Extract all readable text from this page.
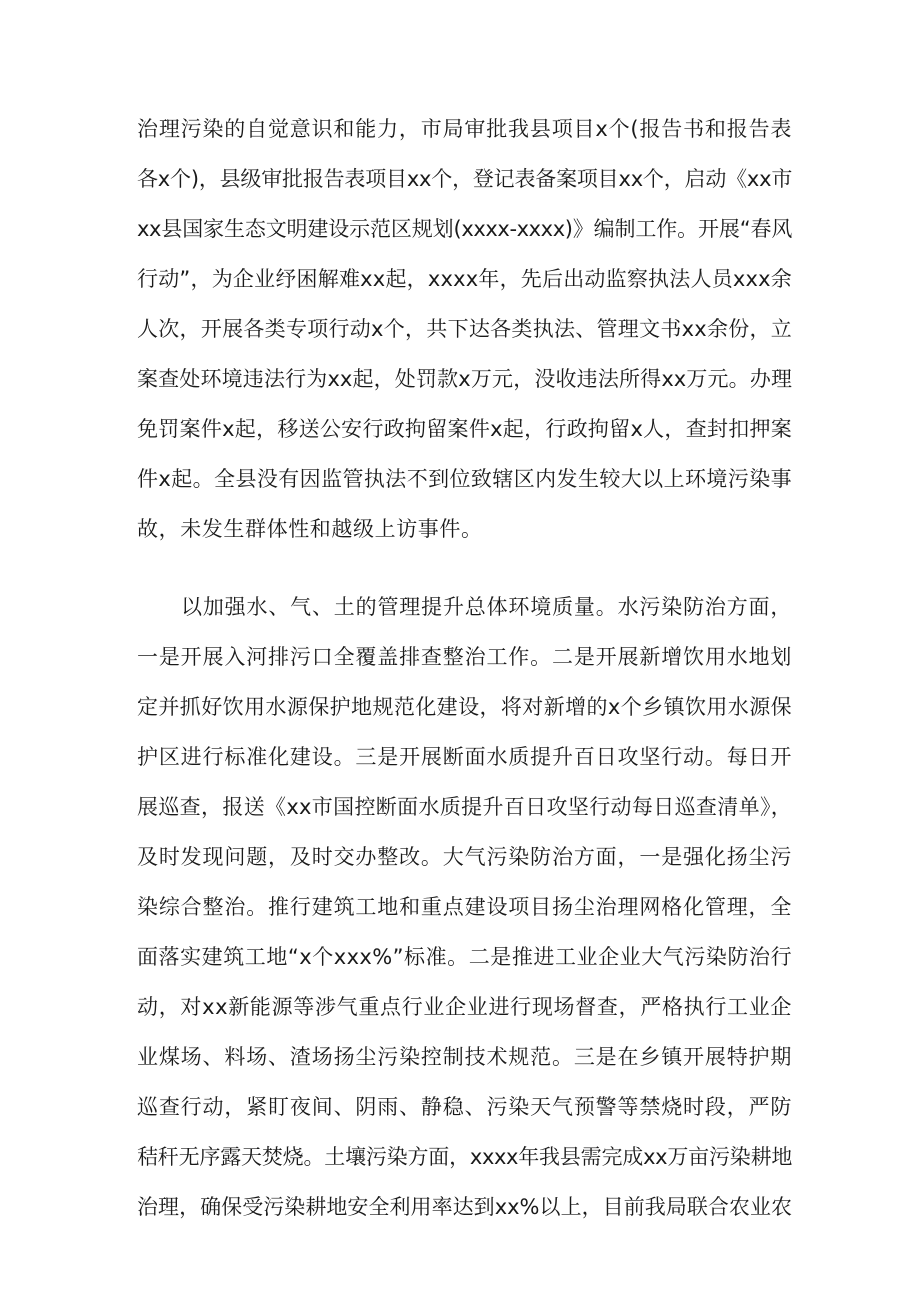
治理污染的自觉意识和能力，市局审批我县项目x个(报告书和报告表
各x个)，县级审批报告表项目xx个，登记表备案项目xx个，启动《xx市
xx县国家生态文明建设示范区规划(xxxx-xxxx)》编制工作。开展“春风
行动”，为企业纾困解难xx起，xxxx年，先后出动监察执法人员xxx余
人次，开展各类专项行动x个，共下达各类执法、管理文书xx余份，立
案查处环境违法行为xx起，处罚款x万元，没收违法所得xx万元。办理
免罚案件x起，移送公安行政拘留案件x起，行政拘留x人，查封扣押案
件x起。全县没有因监管执法不到位致辖区内发生较大以上环境污染事
故，未发生群体性和越级上访事件。
以加强水、气、土的管理提升总体环境质量。水污染防治方面，
一是开展入河排污口全覆盖排查整治工作。二是开展新增饮用水地划
定并抓好饮用水源保护地规范化建设，将对新增的x个乡镇饮用水源保
护区进行标准化建设。三是开展断面水质提升百日攻坚行动。每日开
展巡查，报送《xx市国控断面水质提升百日攻坚行动每日巡查清单》，
及时发现问题，及时交办整改。大气污染防治方面，一是强化扬尘污
染综合整治。推行建筑工地和重点建设项目扬尘治理网格化管理，全
面落实建筑工地“x个xxx%”标准。二是推进工业企业大气污染防治行
动，对xx新能源等涉气重点行业企业进行现场督查，严格执行工业企
业煤场、料场、渣场扬尘污染控制技术规范。三是在乡镇开展特护期
巡查行动，紧盯夜间、阴雨、静稳、污染天气预警等禁烧时段，严防
秸秆无序露天焚烧。土壤污染方面，xxxx年我县需完成xx万亩污染耕地
治理，确保受污染耕地安全利用率达到xx%以上，目前我局联合农业农
